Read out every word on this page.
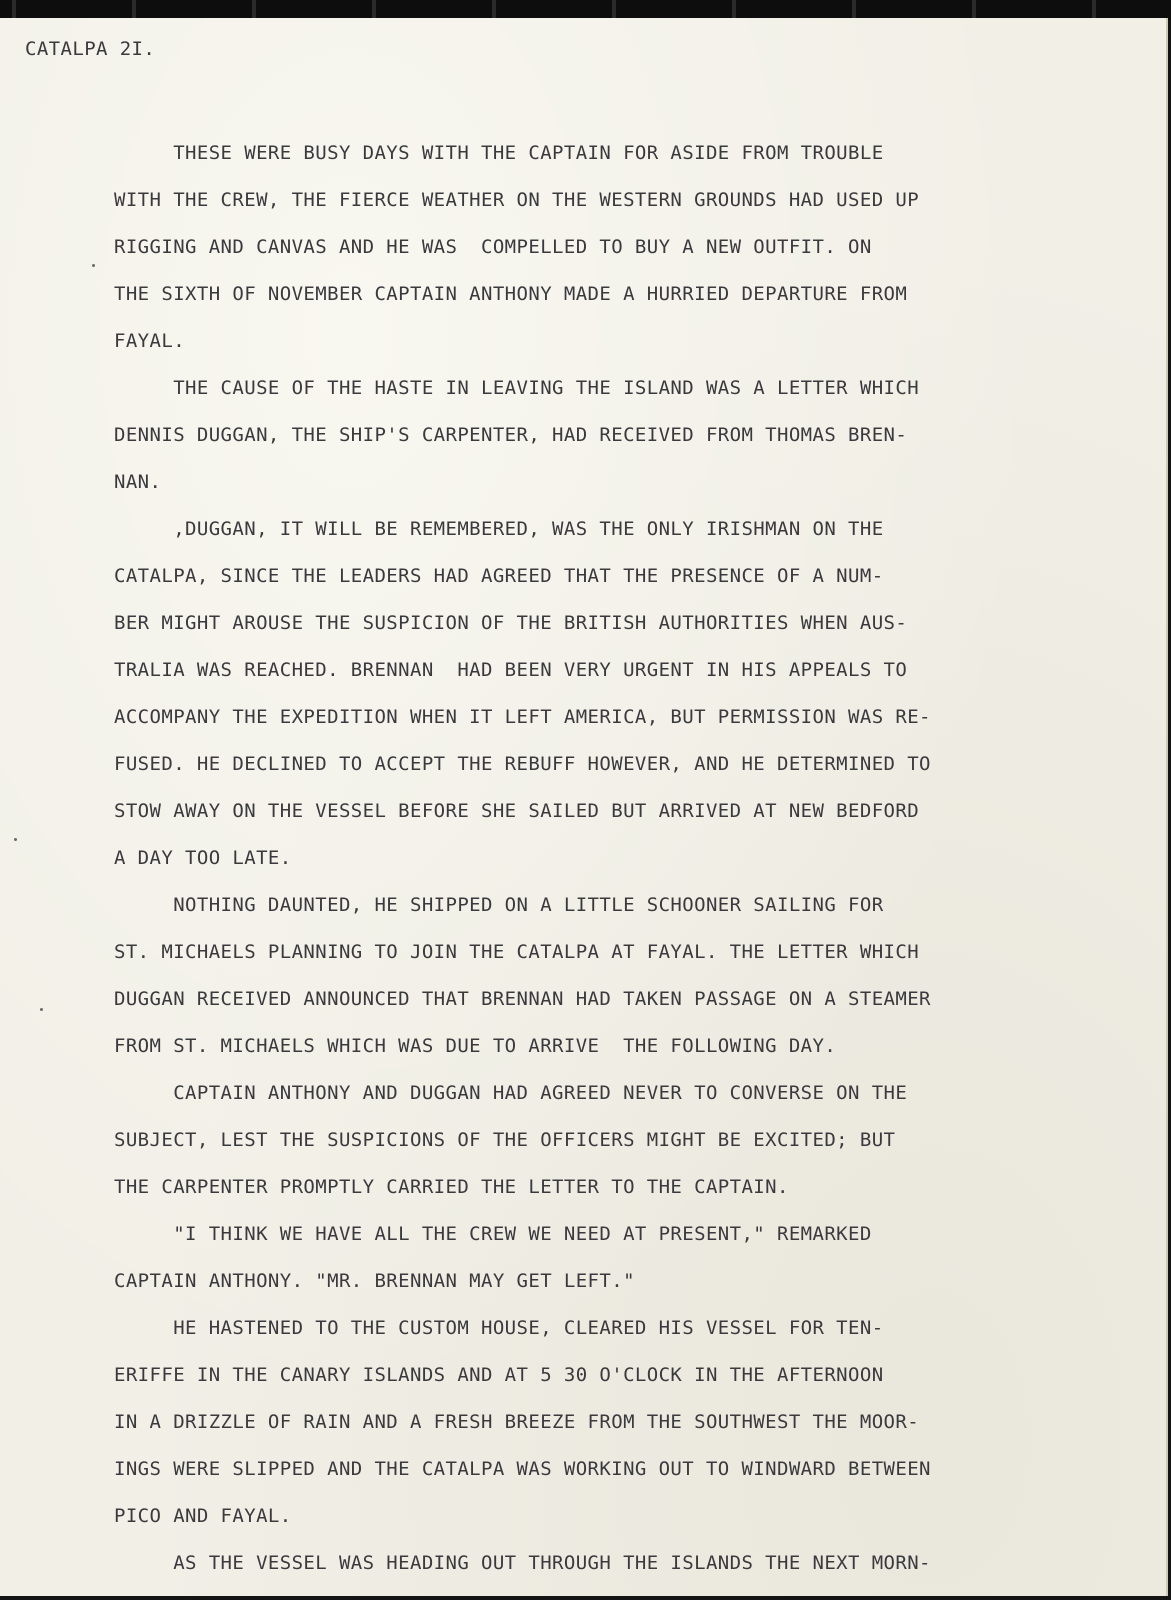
CATALPA 2I.

THESE WERE BUSY DAYS WITH THE CAPTAIN FOR ASIDE FROM TROUBLE
WITH THE CREW, THE FIERCE WEATHER ON THE WESTERN GROUNDS HAD USED UP
RIGGING AND CANVAS AND HE WAS  COMPELLED TO BUY A NEW OUTFIT. ON
THE SIXTH OF NOVEMBER CAPTAIN ANTHONY MADE A HURRIED DEPARTURE FROM
FAYAL.
THE CAUSE OF THE HASTE IN LEAVING THE ISLAND WAS A LETTER WHICH
DENNIS DUGGAN, THE SHIP'S CARPENTER, HAD RECEIVED FROM THOMAS BREN-
NAN.
,DUGGAN, IT WILL BE REMEMBERED, WAS THE ONLY IRISHMAN ON THE
CATALPA, SINCE THE LEADERS HAD AGREED THAT THE PRESENCE OF A NUM-
BER MIGHT AROUSE THE SUSPICION OF THE BRITISH AUTHORITIES WHEN AUS-
TRALIA WAS REACHED. BRENNAN  HAD BEEN VERY URGENT IN HIS APPEALS TO
ACCOMPANY THE EXPEDITION WHEN IT LEFT AMERICA, BUT PERMISSION WAS RE-
FUSED. HE DECLINED TO ACCEPT THE REBUFF HOWEVER, AND HE DETERMINED TO
STOW AWAY ON THE VESSEL BEFORE SHE SAILED BUT ARRIVED AT NEW BEDFORD
A DAY TOO LATE.
NOTHING DAUNTED, HE SHIPPED ON A LITTLE SCHOONER SAILING FOR
ST. MICHAELS PLANNING TO JOIN THE CATALPA AT FAYAL. THE LETTER WHICH
DUGGAN RECEIVED ANNOUNCED THAT BRENNAN HAD TAKEN PASSAGE ON A STEAMER
FROM ST. MICHAELS WHICH WAS DUE TO ARRIVE  THE FOLLOWING DAY.
CAPTAIN ANTHONY AND DUGGAN HAD AGREED NEVER TO CONVERSE ON THE
SUBJECT, LEST THE SUSPICIONS OF THE OFFICERS MIGHT BE EXCITED; BUT
THE CARPENTER PROMPTLY CARRIED THE LETTER TO THE CAPTAIN.
"I THINK WE HAVE ALL THE CREW WE NEED AT PRESENT," REMARKED
CAPTAIN ANTHONY. "MR. BRENNAN MAY GET LEFT."
HE HASTENED TO THE CUSTOM HOUSE, CLEARED HIS VESSEL FOR TEN-
ERIFFE IN THE CANARY ISLANDS AND AT 5 30 O'CLOCK IN THE AFTERNOON
IN A DRIZZLE OF RAIN AND A FRESH BREEZE FROM THE SOUTHWEST THE MOOR-
INGS WERE SLIPPED AND THE CATALPA WAS WORKING OUT TO WINDWARD BETWEEN
PICO AND FAYAL.
AS THE VESSEL WAS HEADING OUT THROUGH THE ISLANDS THE NEXT MORN-
